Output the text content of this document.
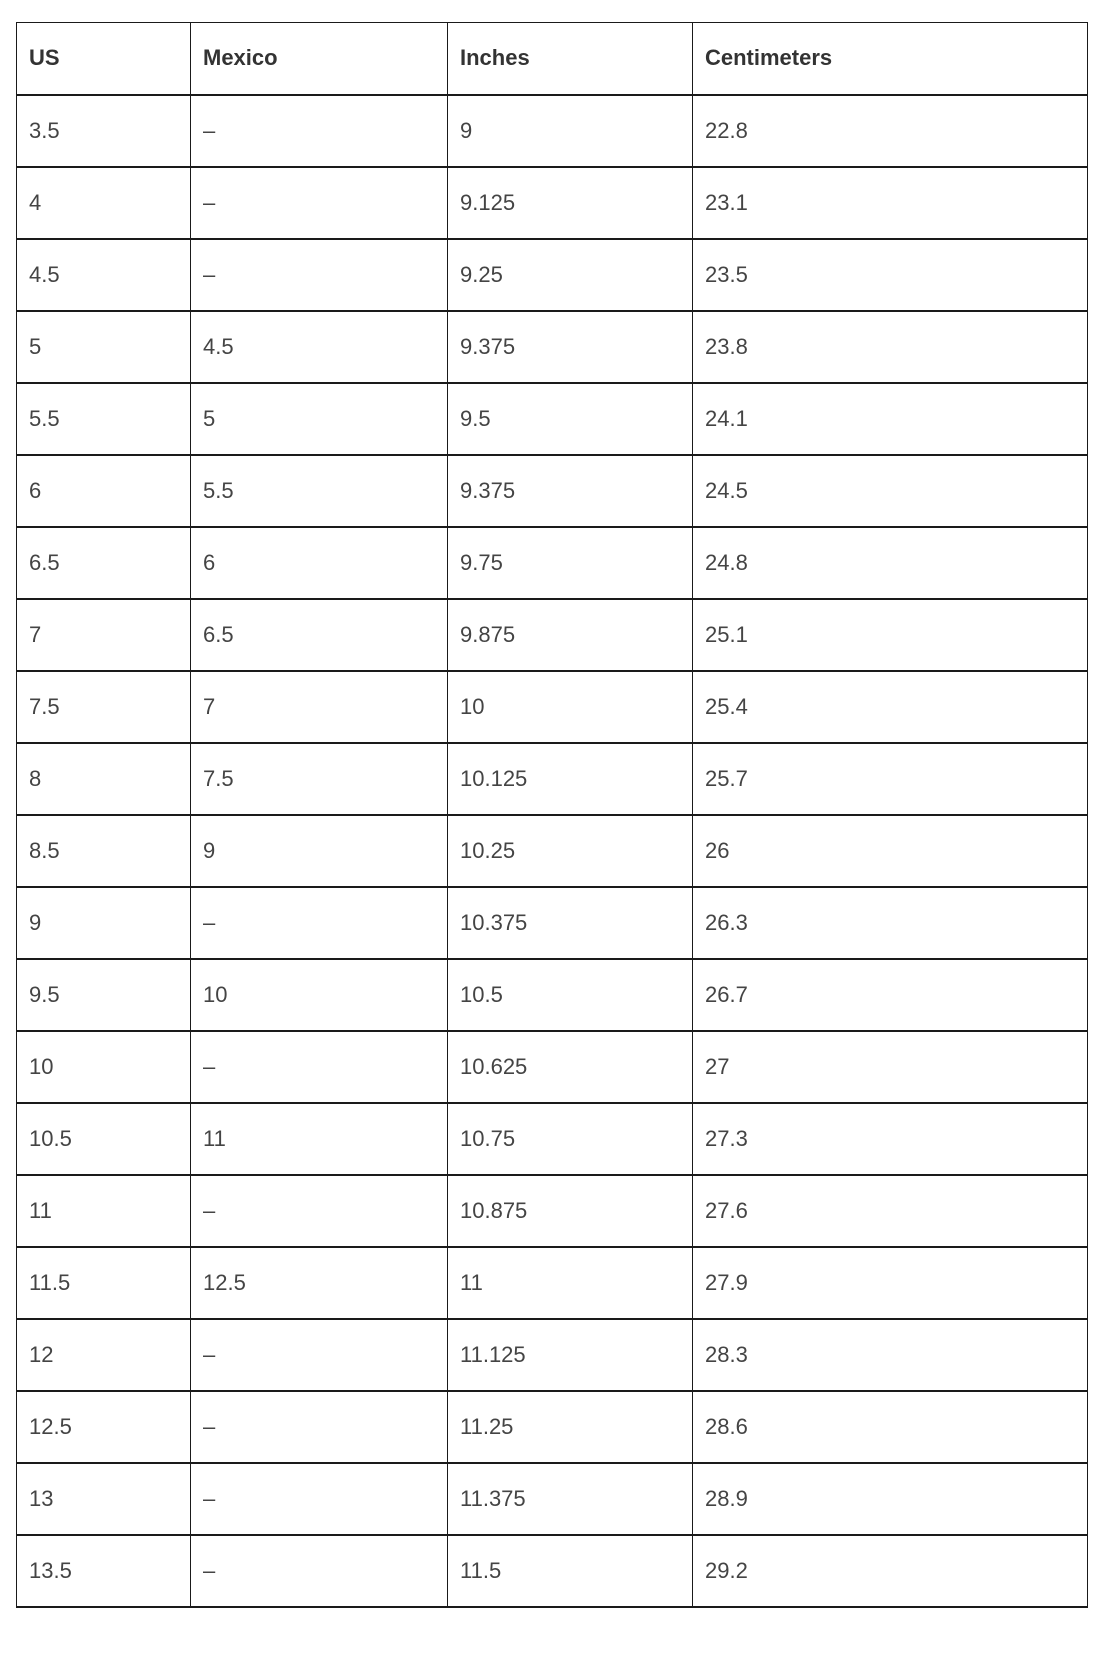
US	Mexico	Inches	Centimeters
3.5	–	9	22.8
4	–	9.125	23.1
4.5	–	9.25	23.5
5	4.5	9.375	23.8
5.5	5	9.5	24.1
6	5.5	9.375	24.5
6.5	6	9.75	24.8
7	6.5	9.875	25.1
7.5	7	10	25.4
8	7.5	10.125	25.7
8.5	9	10.25	26
9	–	10.375	26.3
9.5	10	10.5	26.7
10	–	10.625	27
10.5	11	10.75	27.3
11	–	10.875	27.6
11.5	12.5	11	27.9
12	–	11.125	28.3
12.5	–	11.25	28.6
13	–	11.375	28.9
13.5	–	11.5	29.2
